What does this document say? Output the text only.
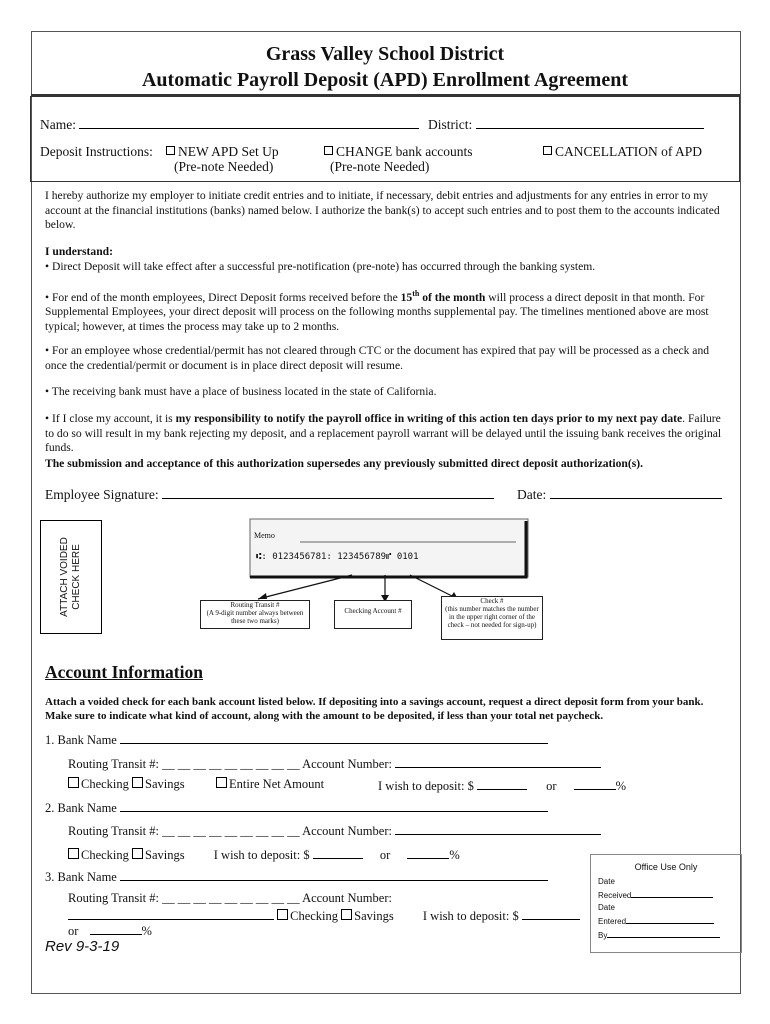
Grass Valley School District
Automatic Payroll Deposit (APD) Enrollment Agreement
Name:	District:
Deposit Instructions:	NEW APD Set Up
(Pre-note Needed)
CHANGE bank accounts
(Pre-note Needed)
CANCELLATION of APD
I hereby authorize my employer to initiate credit entries and to initiate, if necessary, debit entries and adjustments for any entries in error to my account at the financial institutions (banks) named below. I authorize the bank(s) to accept such entries and to post them to the accounts indicated below.
I understand:
• Direct Deposit will take effect after a successful pre-notification (pre-note) has occurred through the banking system.
• For end of the month employees, Direct Deposit forms received before the 15th of the month will process a direct deposit in that month. For Supplemental Employees, your direct deposit will process on the following months supplemental pay. The timelines mentioned above are most typical; however, at times the process may take up to 2 months.
• For an employee whose credential/permit has not cleared through CTC or the document has expired that pay will be processed as a check and once the credential/permit or document is in place direct deposit will resume.
• The receiving bank must have a place of business located in the state of California.
• If I close my account, it is my responsibility to notify the payroll office in writing of this action ten days prior to my next pay date. Failure to do so will result in my bank rejecting my deposit, and a replacement payroll warrant will be delayed until the issuing bank receives the original funds.
The submission and acceptance of this authorization supersedes any previously submitted direct deposit authorization(s).
Employee Signature:	Date:
ATTACH VOIDED CHECK HERE
Memo
⑆: 0123456781: 123456789⑈ 0101
Routing Transit #
(A 9-digit number always between these two marks)
Checking Account #
Check #
(this number matches the number in the upper right corner of the check – not needed for sign-up)
Account Information
Attach a voided check for each bank account listed below. If depositing into a savings account, request a direct deposit form from your bank. Make sure to indicate what kind of account, along with the amount to be deposited, if less than your total net paycheck.
1. Bank Name
Routing Transit #: __ __ __ __ __ __ __ __ __ Account Number:
Checking Savings	Entire Net Amount	I wish to deposit: $	or	%
2. Bank Name
Routing Transit #: __ __ __ __ __ __ __ __ __ Account Number:
Checking Savings I wish to deposit: $	or	%
3. Bank Name
Routing Transit #: __ __ __ __ __ __ __ __ __ Account Number:
Checking Savings I wish to deposit: $
or	%
Office Use Only
Date
Received
Date
Entered
By
Rev 9-3-19
